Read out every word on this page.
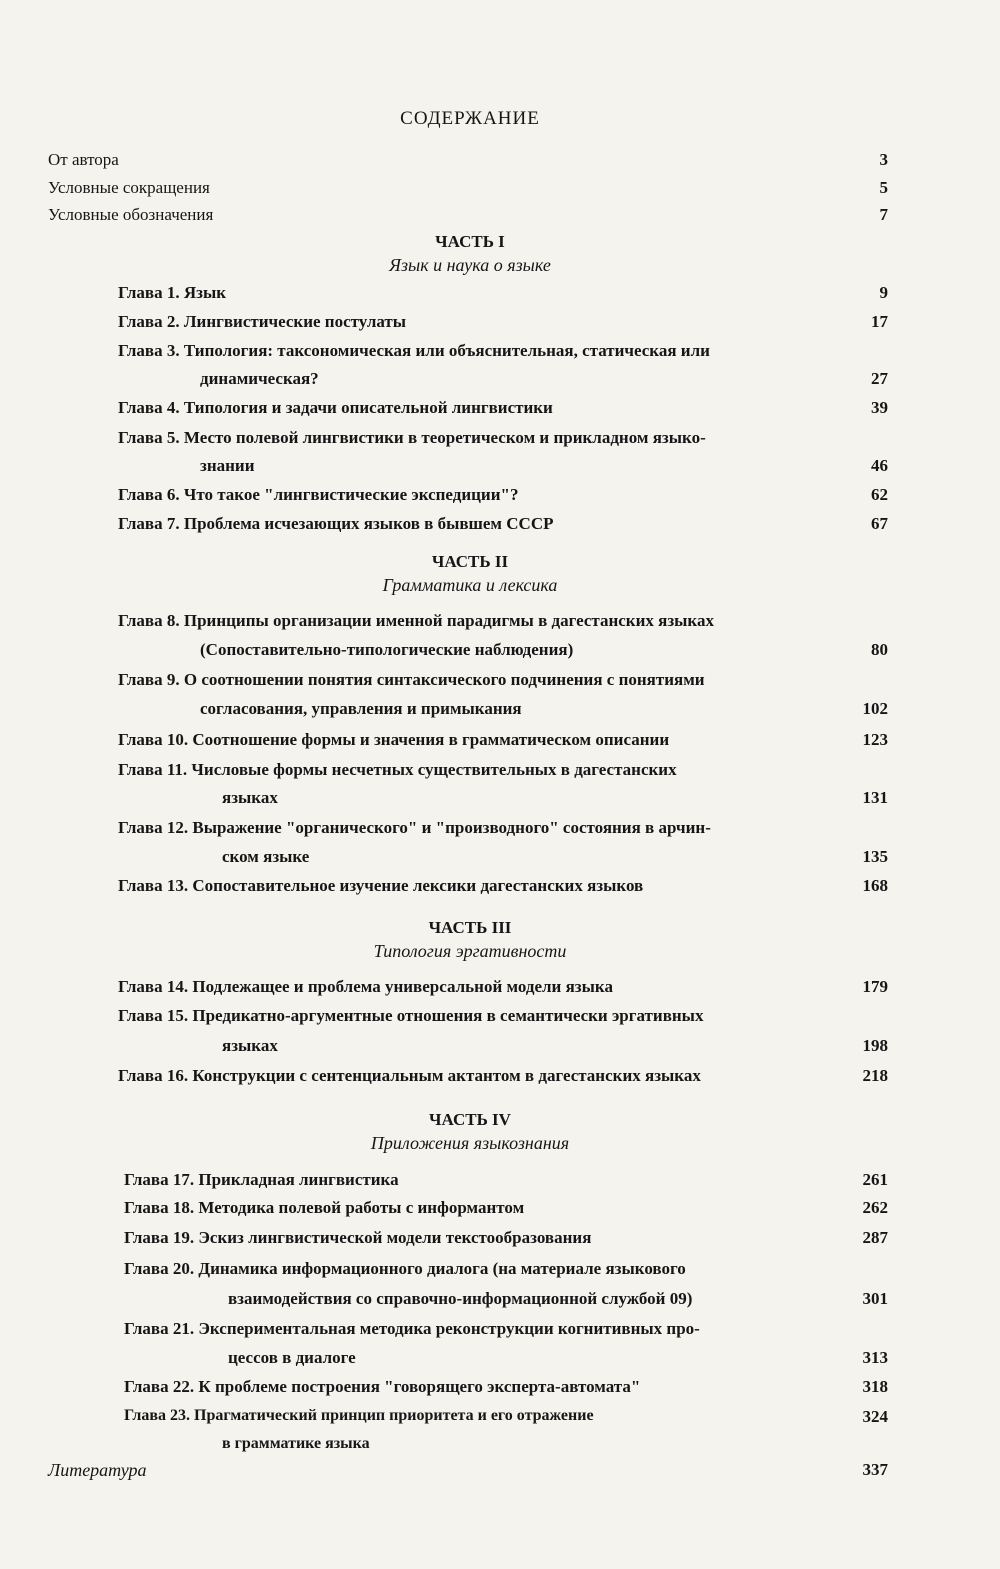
СОДЕРЖАНИЕ
От автора	3
Условные сокращения	5
Условные обозначения	7
ЧАСТЬ I
Язык и наука о языке
Глава 1. Язык	9
Глава 2. Лингвистические постулаты	17
Глава 3. Типология: таксономическая или объяснительная, статическая или
динамическая?	27
Глава 4. Типология и задачи описательной лингвистики	39
Глава 5. Место полевой лингвистики в теоретическом и прикладном языко-
знании	46
Глава 6. Что такое "лингвистические экспедиции"?	62
Глава 7. Проблема исчезающих языков в бывшем СССР	67
ЧАСТЬ II
Грамматика и лексика
Глава 8. Принципы организации именной парадигмы в дагестанских языках
(Сопоставительно-типологические наблюдения)	80
Глава 9. О соотношении понятия синтаксического подчинения с понятиями
согласования, управления и примыкания	102
Глава 10. Соотношение формы и значения в грамматическом описании	123
Глава 11. Числовые формы несчетных существительных в дагестанских
языках	131
Глава 12. Выражение "органического" и "производного" состояния в арчин-
ском языке	135
Глава 13. Сопоставительное изучение лексики дагестанских языков	168
ЧАСТЬ III
Типология эргативности
Глава 14. Подлежащее и проблема универсальной модели языка	179
Глава 15. Предикатно-аргументные отношения в семантически эргативных
языках	198
Глава 16. Конструкции с сентенциальным актантом в дагестанских языках	218
ЧАСТЬ IV
Приложения языкознания
Глава 17. Прикладная лингвистика	261
Глава 18. Методика полевой работы с информантом	262
Глава 19. Эскиз лингвистической модели текстообразования	287
Глава 20. Динамика информационного диалога (на материале языкового
взаимодействия со справочно-информационной службой 09)	301
Глава 21. Экспериментальная методика реконструкции когнитивных про-
цессов в диалоге	313
Глава 22. К проблеме построения "говорящего эксперта-автомата"	318
Глава 23. Прагматический принцип приоритета и его отражение
в грамматике языка
324
Литература	337
